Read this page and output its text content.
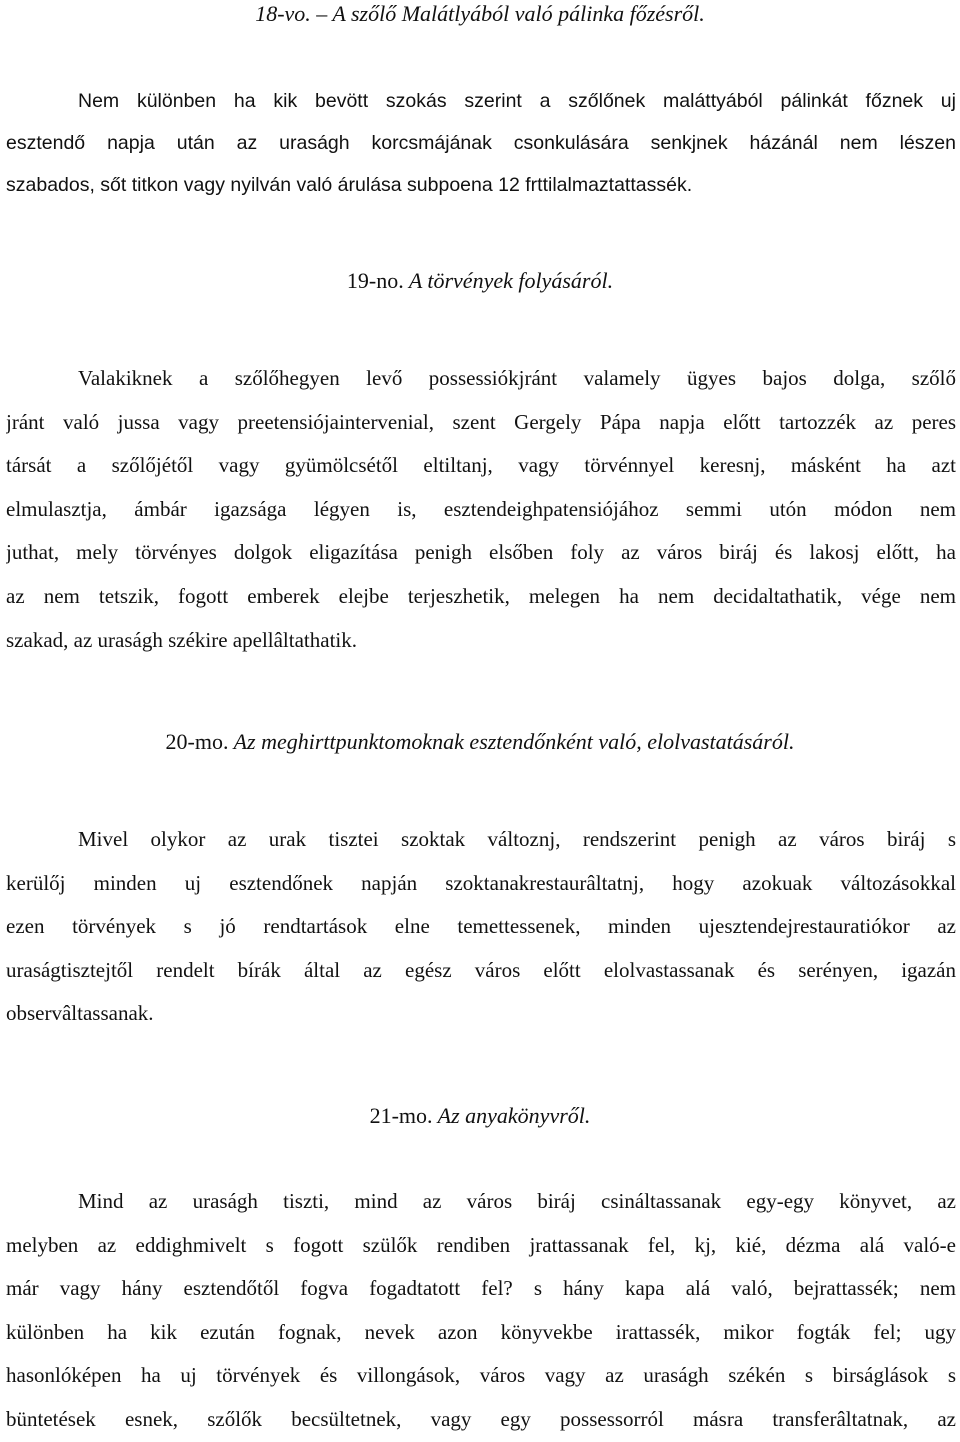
18-vo. – A szőlő Malátlyából való pálinka főzésről.
Nem különben ha kik bevött szokás szerint a szőlőnek maláttyából pálinkát főznek uj
esztendő napja után az uraságh korcsmájának csonkulására senkjnek házánál nem lészen
szabados, sőt titkon vagy nyilván való árulása subpoena 12 frttilalmaztattassék.
19-no. A törvények folyásáról.
Valakiknek a szőlőhegyen levő possessiókjránt valamely ügyes bajos dolga, szőlő
jránt való jussa vagy preetensiójaintervenial, szent Gergely Pápa napja előtt tartozzék az peres
társát a szőlőjétől vagy gyümölcsétől eltiltanj, vagy törvénnyel keresnj, másként ha azt
elmulasztja, ámbár igazsága légyen is, esztendeighpatensiójához semmi utón módon nem
juthat, mely törvényes dolgok eligazítása penigh elsőben foly az város biráj és lakosj előtt, ha
az nem tetszik, fogott emberek elejbe terjeszhetik, melegen ha nem decidaltathatik, vége nem
szakad, az uraságh székire apellâltathatik.
20-mo. Az meghirttpunktomoknak esztendőnként való, elolvastatásáról.
Mivel olykor az urak tisztei szoktak változnj, rendszerint penigh az város biráj s
kerülőj minden uj esztendőnek napján szoktanakrestaurâltatnj, hogy azokuak változásokkal
ezen törvények s jó rendtartások elne temettessenek, minden ujesztendejrestauratiókor az
uraságtisztejtől rendelt bírák által az egész város előtt elolvastassanak és serényen, igazán
observâltassanak.
21-mo. Az anyakönyvről.
Mind az uraságh tiszti, mind az város biráj csináltassanak egy-egy könyvet, az
melyben az eddighmivelt s fogott szülők rendiben jrattassanak fel, kj, kié, dézma alá való-e
már vagy hány esztendőtől fogva fogadtatott fel? s hány kapa alá való, bejrattassék; nem
különben ha kik ezután fognak, nevek azon könyvekbe irattassék, mikor fogták fel; ugy
hasonlóképen ha uj törvények és villongások, város vagy az uraságh székén s birságlások s
büntetések esnek, szőlők becsültetnek, vagy egy possessorról másra transferâltatnak, az
